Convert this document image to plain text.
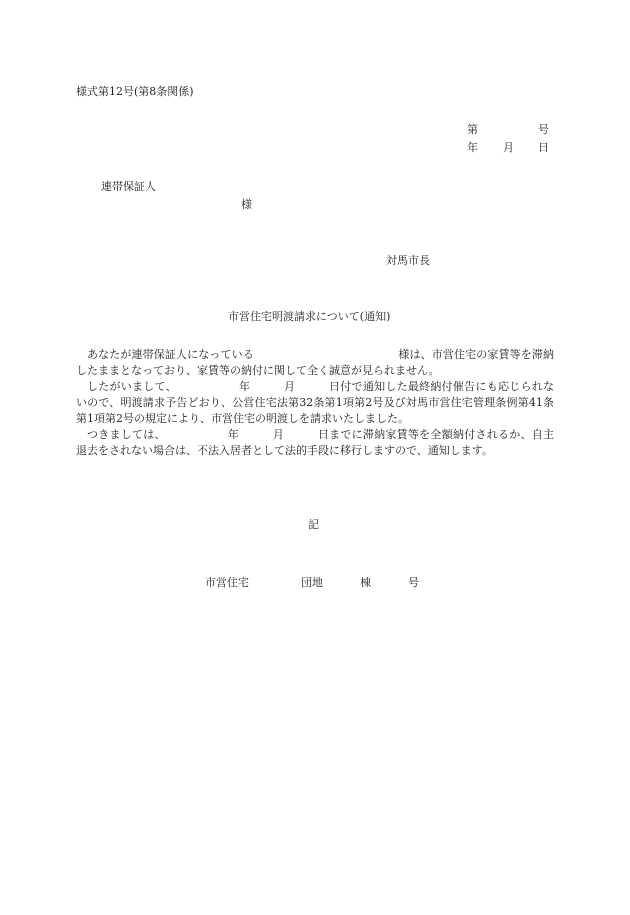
様式第12号(第8条関係)
第	号
年 月 日
連帯保証人
様
対馬市長
市営住宅明渡請求について(通知)

あなたが連帯保証人になっている　　　　　　　　　　　　　様は、市営住宅の家賃等を滞納したままとなっており、家賃等の納付に関して全く誠意が見られません。

したがいまして、　　　　　　年　　　月　　　日付で通知した最終納付催告にも応じられないので、明渡請求予告どおり、公営住宅法第32条第1項第2号及び対馬市営住宅管理条例第41条第1項第2号の規定により、市営住宅の明渡しを請求いたしました。

つきましては、　　　　　　年　　　月　　　日までに滞納家賃等を全額納付されるか、自主退去をされない場合は、不法入居者として法的手段に移行しますので、通知します。

記
市営住宅	団地	棟	号
